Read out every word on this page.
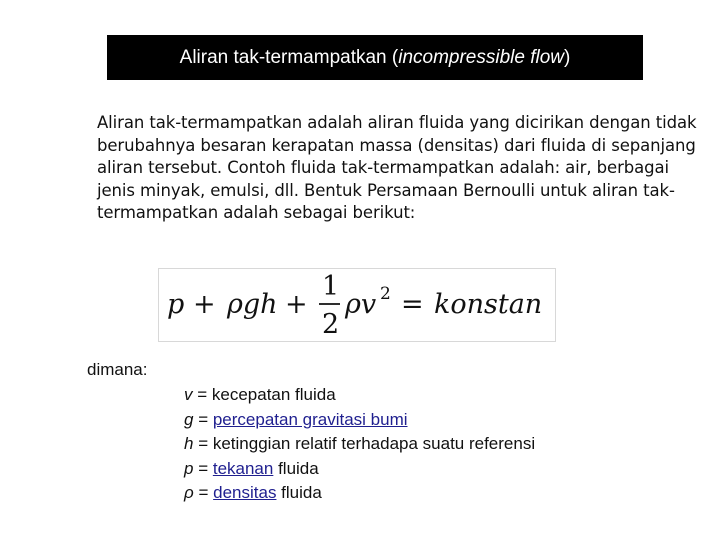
Aliran tak-termampatkan ( incompressible flow )
Aliran tak-termampatkan adalah aliran fluida yang dicirikan dengan tidak berubahnya besaran kerapatan massa (densitas) dari fluida di sepanjang aliran tersebut. Contoh fluida tak-termampatkan adalah: air, berbagai jenis minyak, emulsi, dll. Bentuk Persamaan Bernoulli untuk aliran tak-termampatkan adalah sebagai berikut:
p + ρgh +
1
2
ρv 2 = konstan
dimana:
v = kecepatan fluida
g = percepatan gravitasi bumi
h = ketinggian relatif terhadapa suatu referensi
p = tekanan fluida
ρ = densitas fluida
